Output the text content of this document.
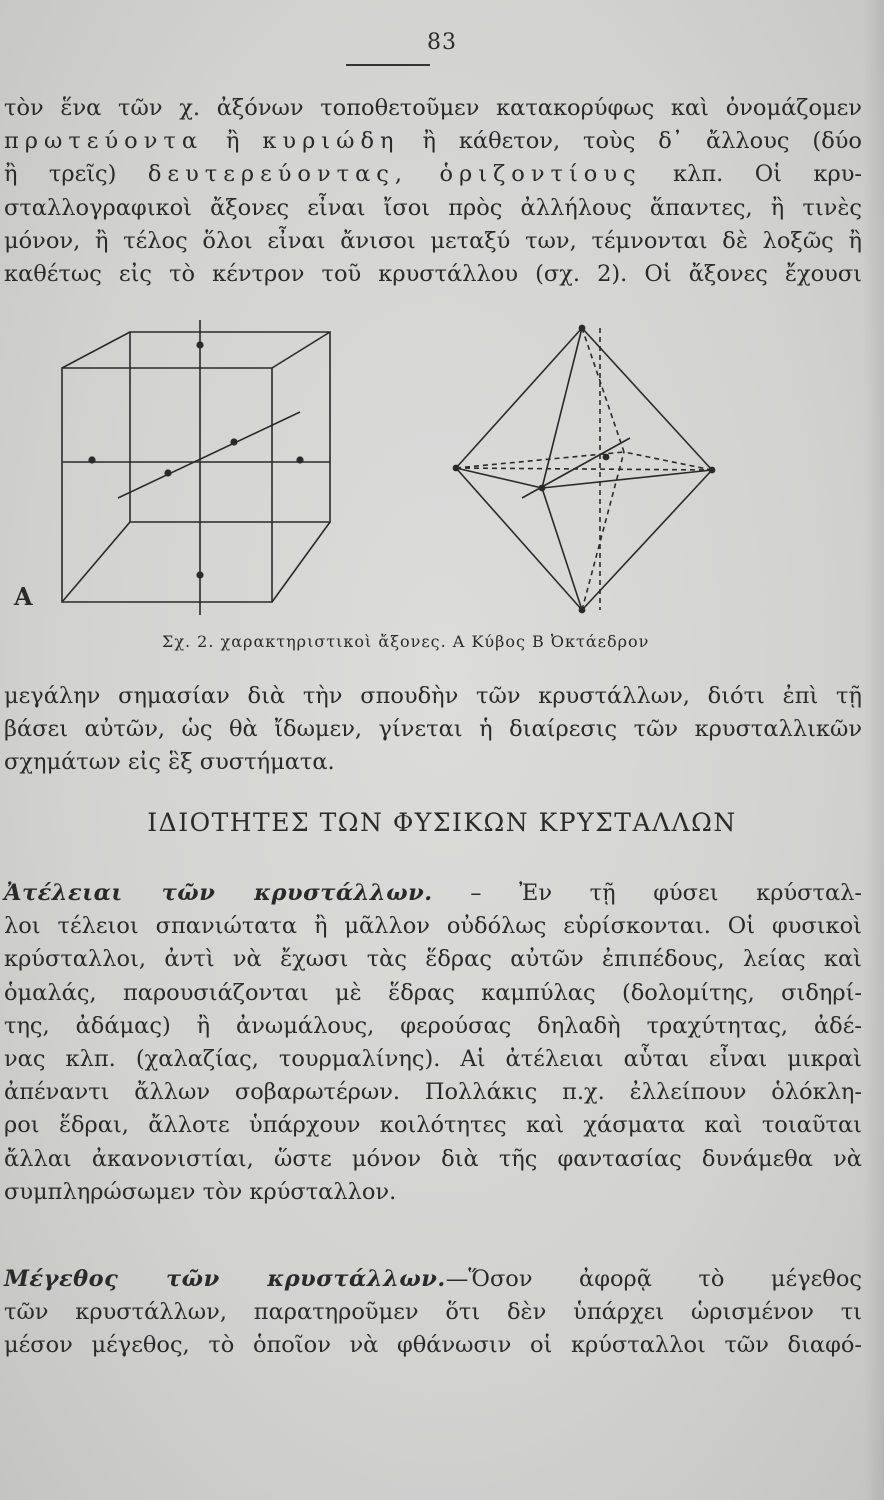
83

τὸν ἕνα τῶν χ. ἀξόνων τοποθετοῦμεν κατακορύφως καὶ ὀνομάζομεν
πρωτεύοντα ἢ κυριώδη ἢ κάθετον, τοὺς δ᾽ ἄλλους (δύο
ἢ τρεῖς) δευτερεύοντας, ὁριζοντίους κλπ. Οἱ κρυ-
σταλλογραφικοὶ ἄξονες εἶναι ἴσοι πρὸς ἀλλήλους ἅπαντες, ἢ τινὲς
μόνον, ἢ τέλος ὅλοι εἶναι ἄνισοι μεταξύ των, τέμνονται δὲ λοξῶς ἢ
καθέτως εἰς τὸ κέντρον τοῦ κρυστάλλου (σχ. 2). Οἱ ἄξονες ἔχουσι

A
Σχ. 2. χαρακτηριστικοὶ ἄξονες. Α Κύβος Β Ὀκτάεδρον

μεγάλην σημασίαν διὰ τὴν σπουδὴν τῶν κρυστάλλων, διότι ἐπὶ τῇ
βάσει αὐτῶν, ὡς θὰ ἴδωμεν, γίνεται ἡ διαίρεσις τῶν κρυσταλλικῶν
σχημάτων εἰς ἓξ συστήματα.

ΙΔΙΟΤΗΤΕΣ ΤΩΝ ΦΥΣΙΚΩΝ ΚΡΥΣΤΑΛΛΩΝ

Ἀτέλειαι τῶν κρυστάλλων. – Ἐν τῇ φύσει κρύσταλ-
λοι τέλειοι σπανιώτατα ἢ μᾶλλον οὐδόλως εὑρίσκονται. Οἱ φυσικοὶ
κρύσταλλοι, ἀντὶ νὰ ἔχωσι τὰς ἕδρας αὐτῶν ἐπιπέδους, λείας καὶ
ὁμαλάς, παρουσιάζονται μὲ ἕδρας καμπύλας (δολομίτης, σιδηρί-
της, ἀδάμας) ἢ ἀνωμάλους, φερούσας δηλαδὴ τραχύτητας, ἀδέ-
νας κλπ. (χαλαζίας, τουρμαλίνης). Αἱ ἀτέλειαι αὗται εἶναι μικραὶ
ἀπέναντι ἄλλων σοβαρωτέρων. Πολλάκις π.χ. ἐλλείπουν ὁλόκλη-
ροι ἕδραι, ἄλλοτε ὑπάρχουν κοιλότητες καὶ χάσματα καὶ τοιαῦται
ἄλλαι ἀκανονιστίαι, ὥστε μόνον διὰ τῆς φαντασίας δυνάμεθα νὰ
συμπληρώσωμεν τὸν κρύσταλλον.

Μέγεθος τῶν κρυστάλλων.—Ὅσον ἀφορᾷ τὸ μέγεθος
τῶν κρυστάλλων, παρατηροῦμεν ὅτι δὲν ὑπάρχει ὡρισμένον τι
μέσον μέγεθος, τὸ ὁποῖον νὰ φθάνωσιν οἱ κρύσταλλοι τῶν διαφό-
